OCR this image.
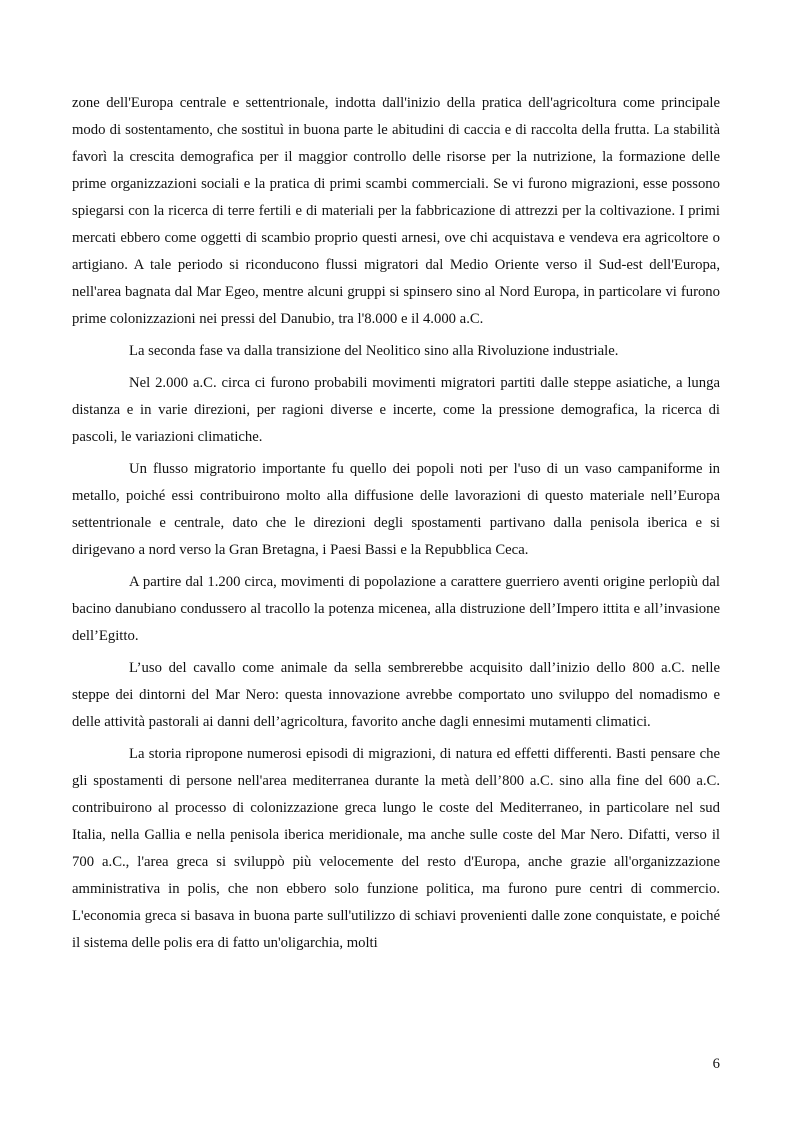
zone dell'Europa centrale e settentrionale, indotta dall'inizio della pratica dell'agricoltura come principale modo di sostentamento, che sostituì in buona parte le abitudini di caccia e di raccolta della frutta. La stabilità favorì la crescita demografica per il maggior controllo delle risorse per la nutrizione, la formazione delle prime organizzazioni sociali e la pratica di primi scambi commerciali. Se vi furono migrazioni, esse possono spiegarsi con la ricerca di terre fertili e di materiali per la fabbricazione di attrezzi per la coltivazione. I primi mercati ebbero come oggetti di scambio proprio questi arnesi, ove chi acquistava e vendeva era agricoltore o artigiano. A tale periodo si riconducono flussi migratori dal Medio Oriente verso il Sud-est dell'Europa, nell'area bagnata dal Mar Egeo, mentre alcuni gruppi si spinsero sino al Nord Europa, in particolare vi furono prime colonizzazioni nei pressi del Danubio, tra l'8.000 e il 4.000 a.C.

La seconda fase va dalla transizione del Neolitico sino alla Rivoluzione industriale.

Nel 2.000 a.C. circa ci furono probabili movimenti migratori partiti dalle steppe asiatiche, a lunga distanza e in varie direzioni, per ragioni diverse e incerte, come la pressione demografica, la ricerca di pascoli, le variazioni climatiche.

Un flusso migratorio importante fu quello dei popoli noti per l'uso di un vaso campaniforme in metallo, poiché essi contribuirono molto alla diffusione delle lavorazioni di questo materiale nell’Europa settentrionale e centrale, dato che le direzioni degli spostamenti partivano dalla penisola iberica e si dirigevano a nord verso la Gran Bretagna, i Paesi Bassi e la Repubblica Ceca.

A partire dal 1.200 circa, movimenti di popolazione a carattere guerriero aventi origine perlopiù dal bacino danubiano condussero al tracollo la potenza micenea, alla distruzione dell’Impero ittita e all’invasione dell’Egitto.

L’uso del cavallo come animale da sella sembrerebbe acquisito dall’inizio dello 800 a.C. nelle steppe dei dintorni del Mar Nero: questa innovazione avrebbe comportato uno sviluppo del nomadismo e delle attività pastorali ai danni dell’agricoltura, favorito anche dagli ennesimi mutamenti climatici.

La storia ripropone numerosi episodi di migrazioni, di natura ed effetti differenti. Basti pensare che gli spostamenti di persone nell'area mediterranea durante la metà dell’800 a.C. sino alla fine del 600 a.C. contribuirono al processo di colonizzazione greca lungo le coste del Mediterraneo, in particolare nel sud Italia, nella Gallia e nella penisola iberica meridionale, ma anche sulle coste del Mar Nero. Difatti, verso il 700 a.C., l'area greca si sviluppò più velocemente del resto d'Europa, anche grazie all'organizzazione amministrativa in polis, che non ebbero solo funzione politica, ma furono pure centri di commercio. L'economia greca si basava in buona parte sull'utilizzo di schiavi provenienti dalle zone conquistate, e poiché il sistema delle polis era di fatto un'oligarchia, molti

6
